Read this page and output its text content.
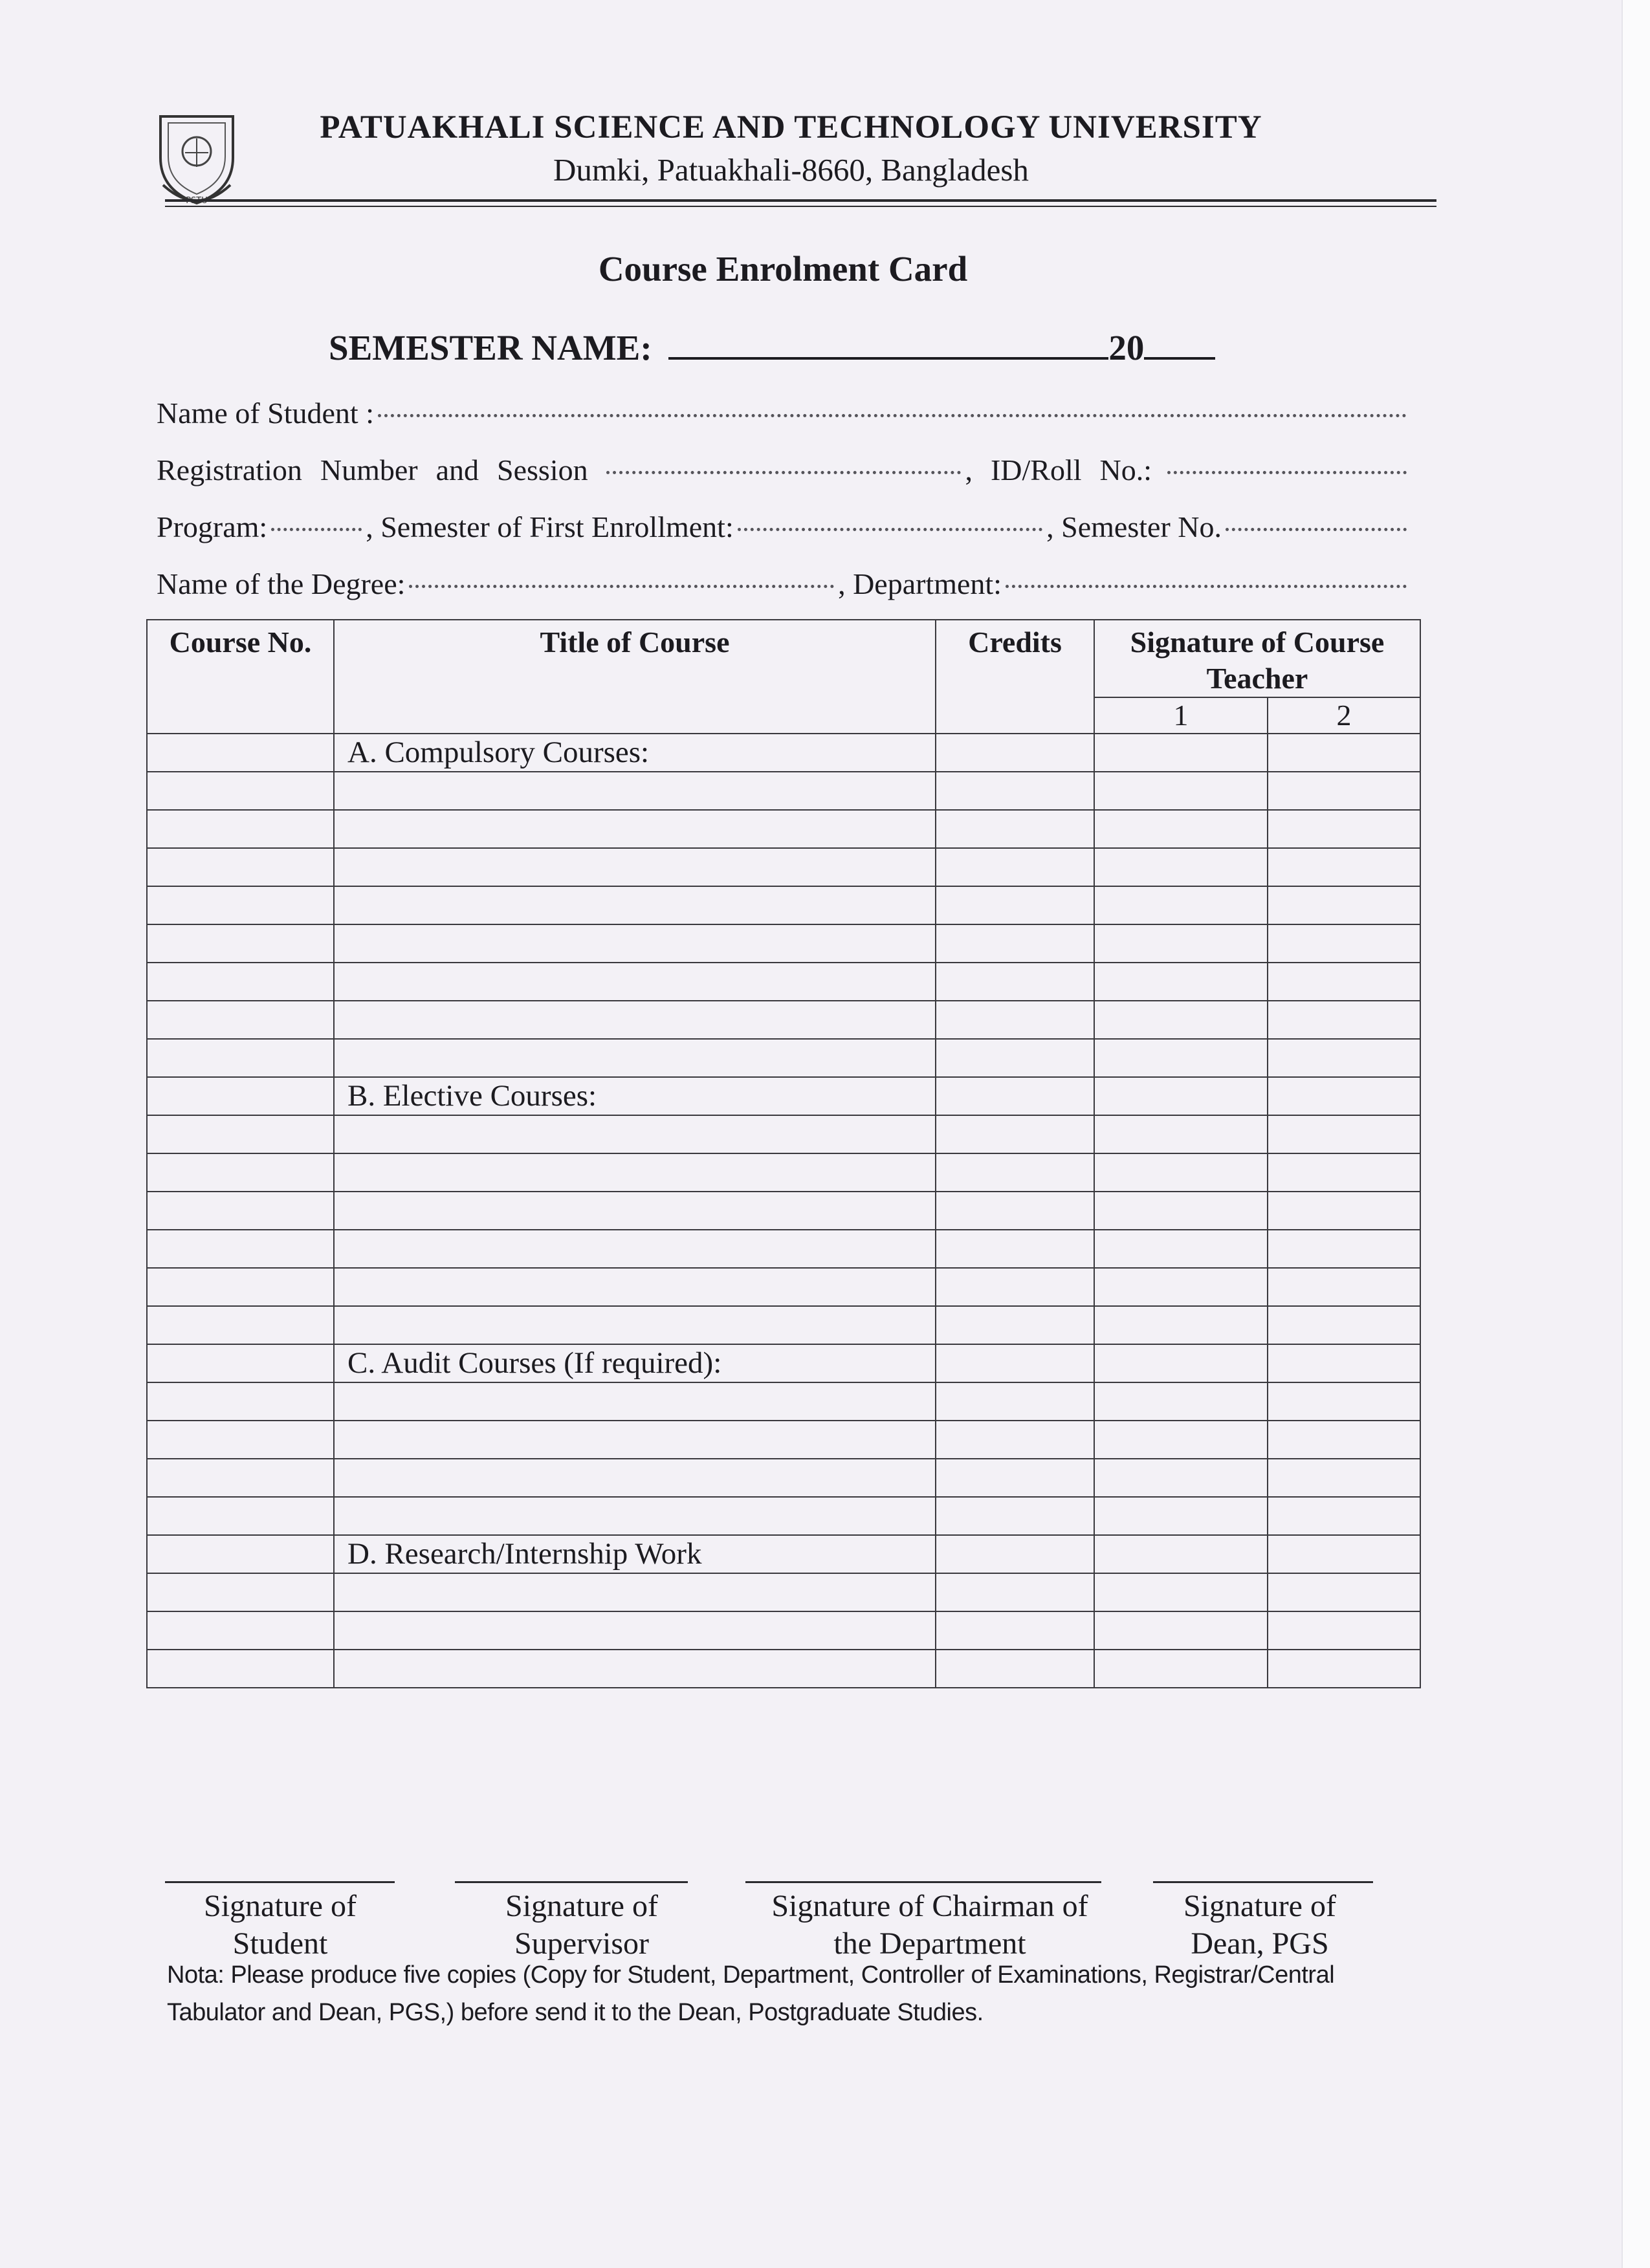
PSTU
PATUAKHALI SCIENCE AND TECHNOLOGY UNIVERSITY
Dumki, Patuakhali-8660, Bangladesh
Course Enrolment Card
SEMESTER NAME:	20
Name of Student :
Registration Number and Session	, ID/Roll No.:
Program:	,
Semester of First Enrollment:	,
Semester No.
Name of the Degree:	,
Department:
Course No.	Title of Course	Credits	Signature of Course Teacher	
			1	2
	A. Compulsory Courses:			

	B. Elective Courses:			

	C. Audit Courses (If required):			

	D. Research/Internship Work			

Signature of
Student
Signature of
Supervisor
Signature of Chairman of
the Department
Signature of
Dean, PGS
Nota: Please produce five copies (Copy for Student, Department, Controller of Examinations, Registrar/Central Tabulator and Dean, PGS,) before send it to the Dean, Postgraduate Studies.
